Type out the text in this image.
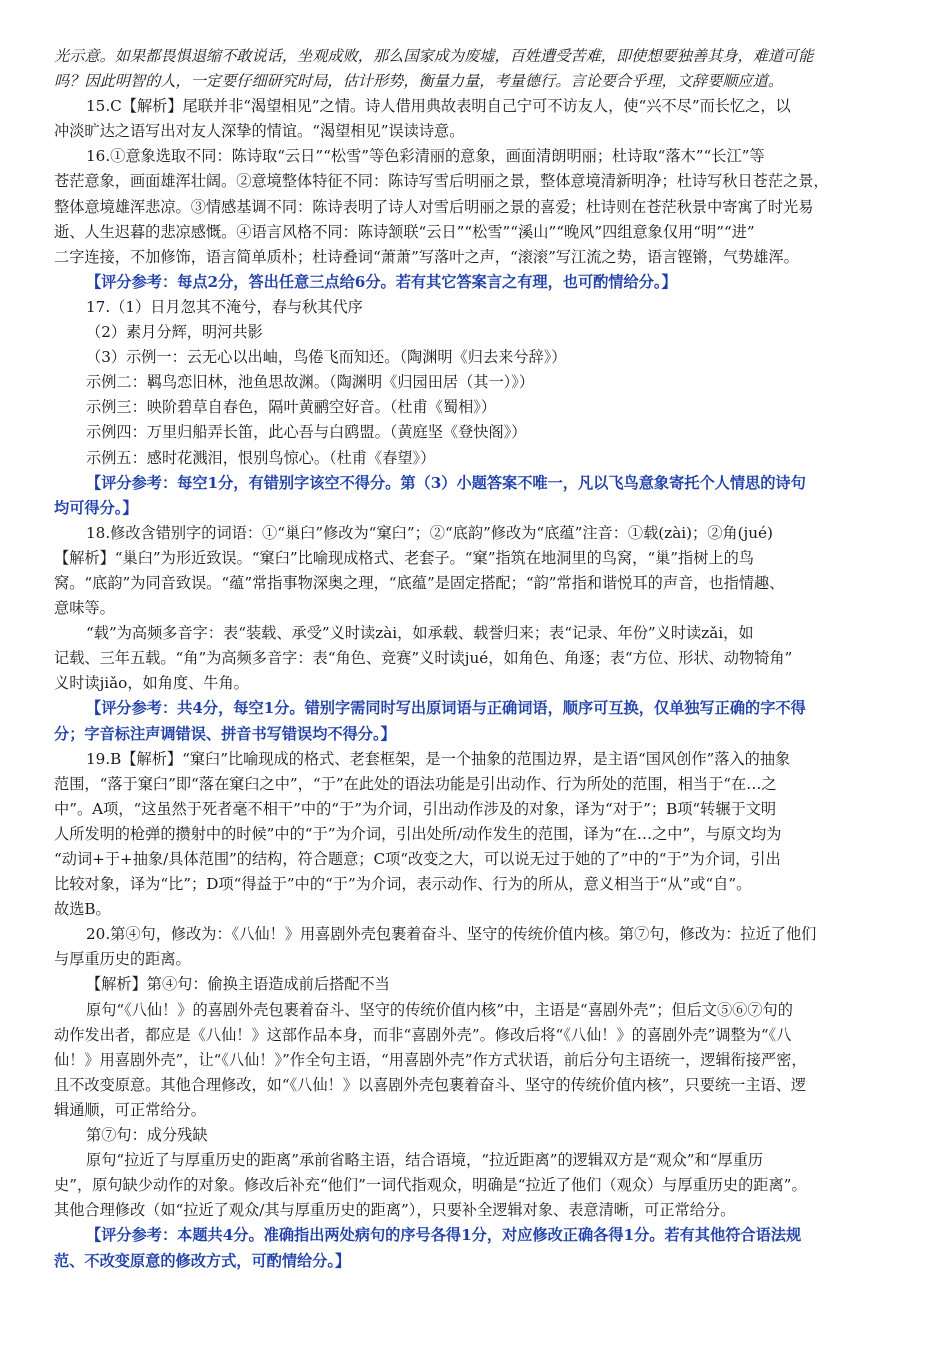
光示意。如果都畏惧退缩不敢说话，坐观成败，那么国家成为废墟，百姓遭受苦难，即使想要独善其身，难道可能
吗？因此明智的人，一定要仔细研究时局，估计形势，衡量力量，考量德行。言论要合乎理，文辞要顺应道。
15.C【解析】尾联并非“渴望相见”之情。诗人借用典故表明自己宁可不访友人，使“兴不尽”而长忆之，以
冲淡旷达之语写出对友人深挚的情谊。“渴望相见”误读诗意。
16.①意象选取不同：陈诗取“云日”“松雪”等色彩清丽的意象，画面清朗明丽；杜诗取“落木”“长江”等
苍茫意象，画面雄浑壮阔。②意境整体特征不同：陈诗写雪后明丽之景，整体意境清新明净；杜诗写秋日苍茫之景，
整体意境雄浑悲凉。③情感基调不同：陈诗表明了诗人对雪后明丽之景的喜爱；杜诗则在苍茫秋景中寄寓了时光易
逝、人生迟暮的悲凉感慨。④语言风格不同：陈诗颔联“云日”“松雪”“溪山”“晚风”四组意象仅用“明”“进”
二字连接，不加修饰，语言简单质朴；杜诗叠词“萧萧”写落叶之声，“滚滚”写江流之势，语言铿锵，气势雄浑。
【评分参考：每点2分，答出任意三点给6分。若有其它答案言之有理，也可酌情给分。】
17.（1）日月忽其不淹兮，春与秋其代序
（2）素月分辉，明河共影
（3）示例一：云无心以出岫，鸟倦飞而知还。（陶渊明《归去来兮辞》）
示例二：羁鸟恋旧林，池鱼思故渊。（陶渊明《归园田居（其一）》）
示例三：映阶碧草自春色，隔叶黄鹂空好音。（杜甫《蜀相》）
示例四：万里归船弄长笛，此心吾与白鸥盟。（黄庭坚《登快阁》）
示例五：感时花溅泪，恨别鸟惊心。（杜甫《春望》）
【评分参考：每空1分，有错别字该空不得分。第（3）小题答案不唯一，凡以飞鸟意象寄托个人情思的诗句
均可得分。】
18.修改含错别字的词语：①“巢臼”修改为“窠臼”；②“底韵”修改为“底蕴”注音：①载(zài)；②角(jué)
【解析】“巢臼”为形近致误。“窠臼”比喻现成格式、老套子。“窠”指筑在地洞里的鸟窝，“巢”指树上的鸟
窝。“底韵”为同音致误。“蕴”常指事物深奥之理，“底蕴”是固定搭配；“韵”常指和谐悦耳的声音，也指情趣、
意味等。
“载”为高频多音字：表“装载、承受”义时读zài，如承载、载誉归来；表“记录、年份”义时读zǎi，如
记载、三年五载。“角”为高频多音字：表“角色、竞赛”义时读jué，如角色、角逐；表“方位、形状、动物犄角”
义时读jiǎo，如角度、牛角。
【评分参考：共4分，每空1分。错别字需同时写出原词语与正确词语，顺序可互换，仅单独写正确的字不得
分；字音标注声调错误、拼音书写错误均不得分。】
19.B【解析】“窠臼”比喻现成的格式、老套框架，是一个抽象的范围边界，是主语“国风创作”落入的抽象
范围，“落于窠臼”即“落在窠臼之中”，“于”在此处的语法功能是引出动作、行为所处的范围，相当于“在…之
中”。A项，“这虽然于死者毫不相干”中的“于”为介词，引出动作涉及的对象，译为“对于”；B项“转辗于文明
人所发明的枪弹的攒射中的时候”中的“于”为介词，引出处所/动作发生的范围，译为“在…之中”，与原文均为
“动词+于+抽象/具体范围”的结构，符合题意；C项“改变之大，可以说无过于她的了”中的“于”为介词，引出
比较对象，译为“比”；D项“得益于”中的“于”为介词，表示动作、行为的所从，意义相当于“从”或“自”。
故选B。
20.第④句，修改为：《八仙！》用喜剧外壳包裹着奋斗、坚守的传统价值内核。第⑦句，修改为：拉近了他们
与厚重历史的距离。
【解析】第④句：偷换主语造成前后搭配不当
原句“《八仙！》的喜剧外壳包裹着奋斗、坚守的传统价值内核”中，主语是“喜剧外壳”；但后文⑤⑥⑦句的
动作发出者，都应是《八仙！》这部作品本身，而非“喜剧外壳”。修改后将“《八仙！》的喜剧外壳”调整为“《八
仙！》用喜剧外壳”，让“《八仙！》”作全句主语，“用喜剧外壳”作方式状语，前后分句主语统一，逻辑衔接严密，
且不改变原意。其他合理修改，如“《八仙！》以喜剧外壳包裹着奋斗、坚守的传统价值内核”，只要统一主语、逻
辑通顺，可正常给分。
第⑦句：成分残缺
原句“拉近了与厚重历史的距离”承前省略主语，结合语境，“拉近距离”的逻辑双方是“观众”和“厚重历
史”，原句缺少动作的对象。修改后补充“他们”一词代指观众，明确是“拉近了他们（观众）与厚重历史的距离”。
其他合理修改（如“拉近了观众/其与厚重历史的距离”），只要补全逻辑对象、表意清晰，可正常给分。
【评分参考：本题共4分。准确指出两处病句的序号各得1分，对应修改正确各得1分。若有其他符合语法规
范、不改变原意的修改方式，可酌情给分。】
